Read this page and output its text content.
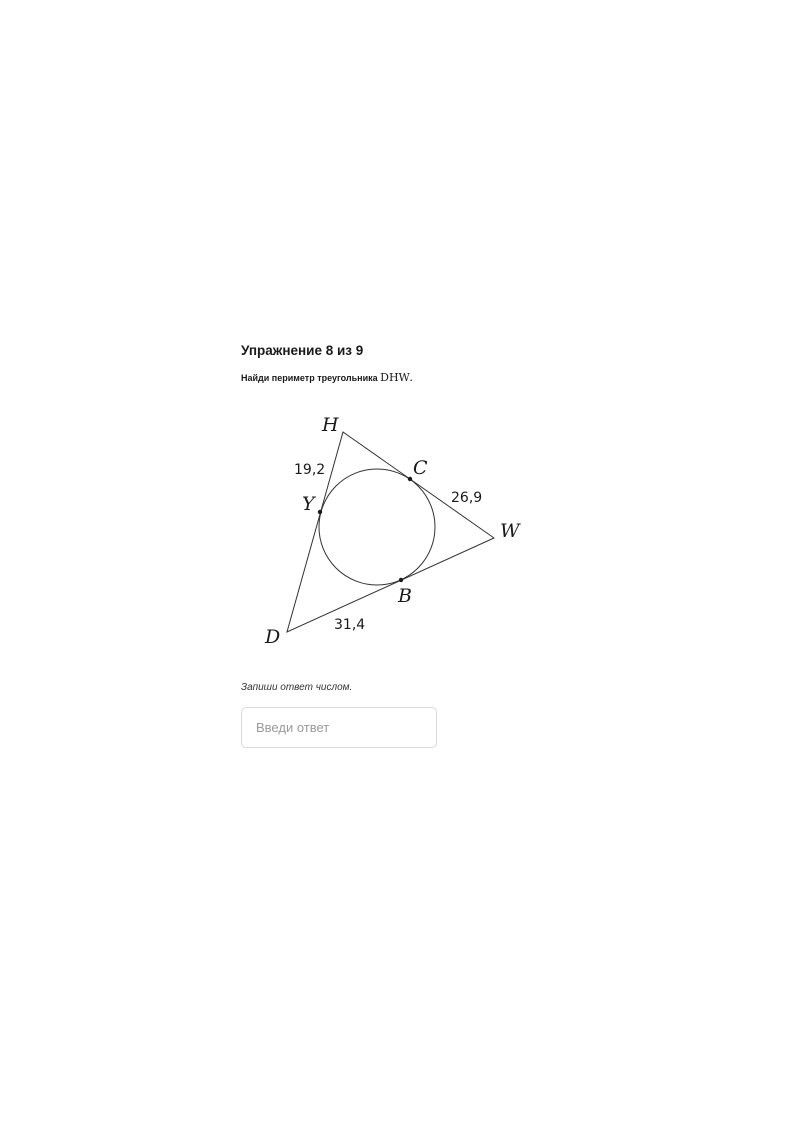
Упражнение 8 из 9
Найди периметр треугольника DHW.
H
C
W
Y
B
D
19,2
26,9
31,4
Запиши ответ числом.
Введи ответ
